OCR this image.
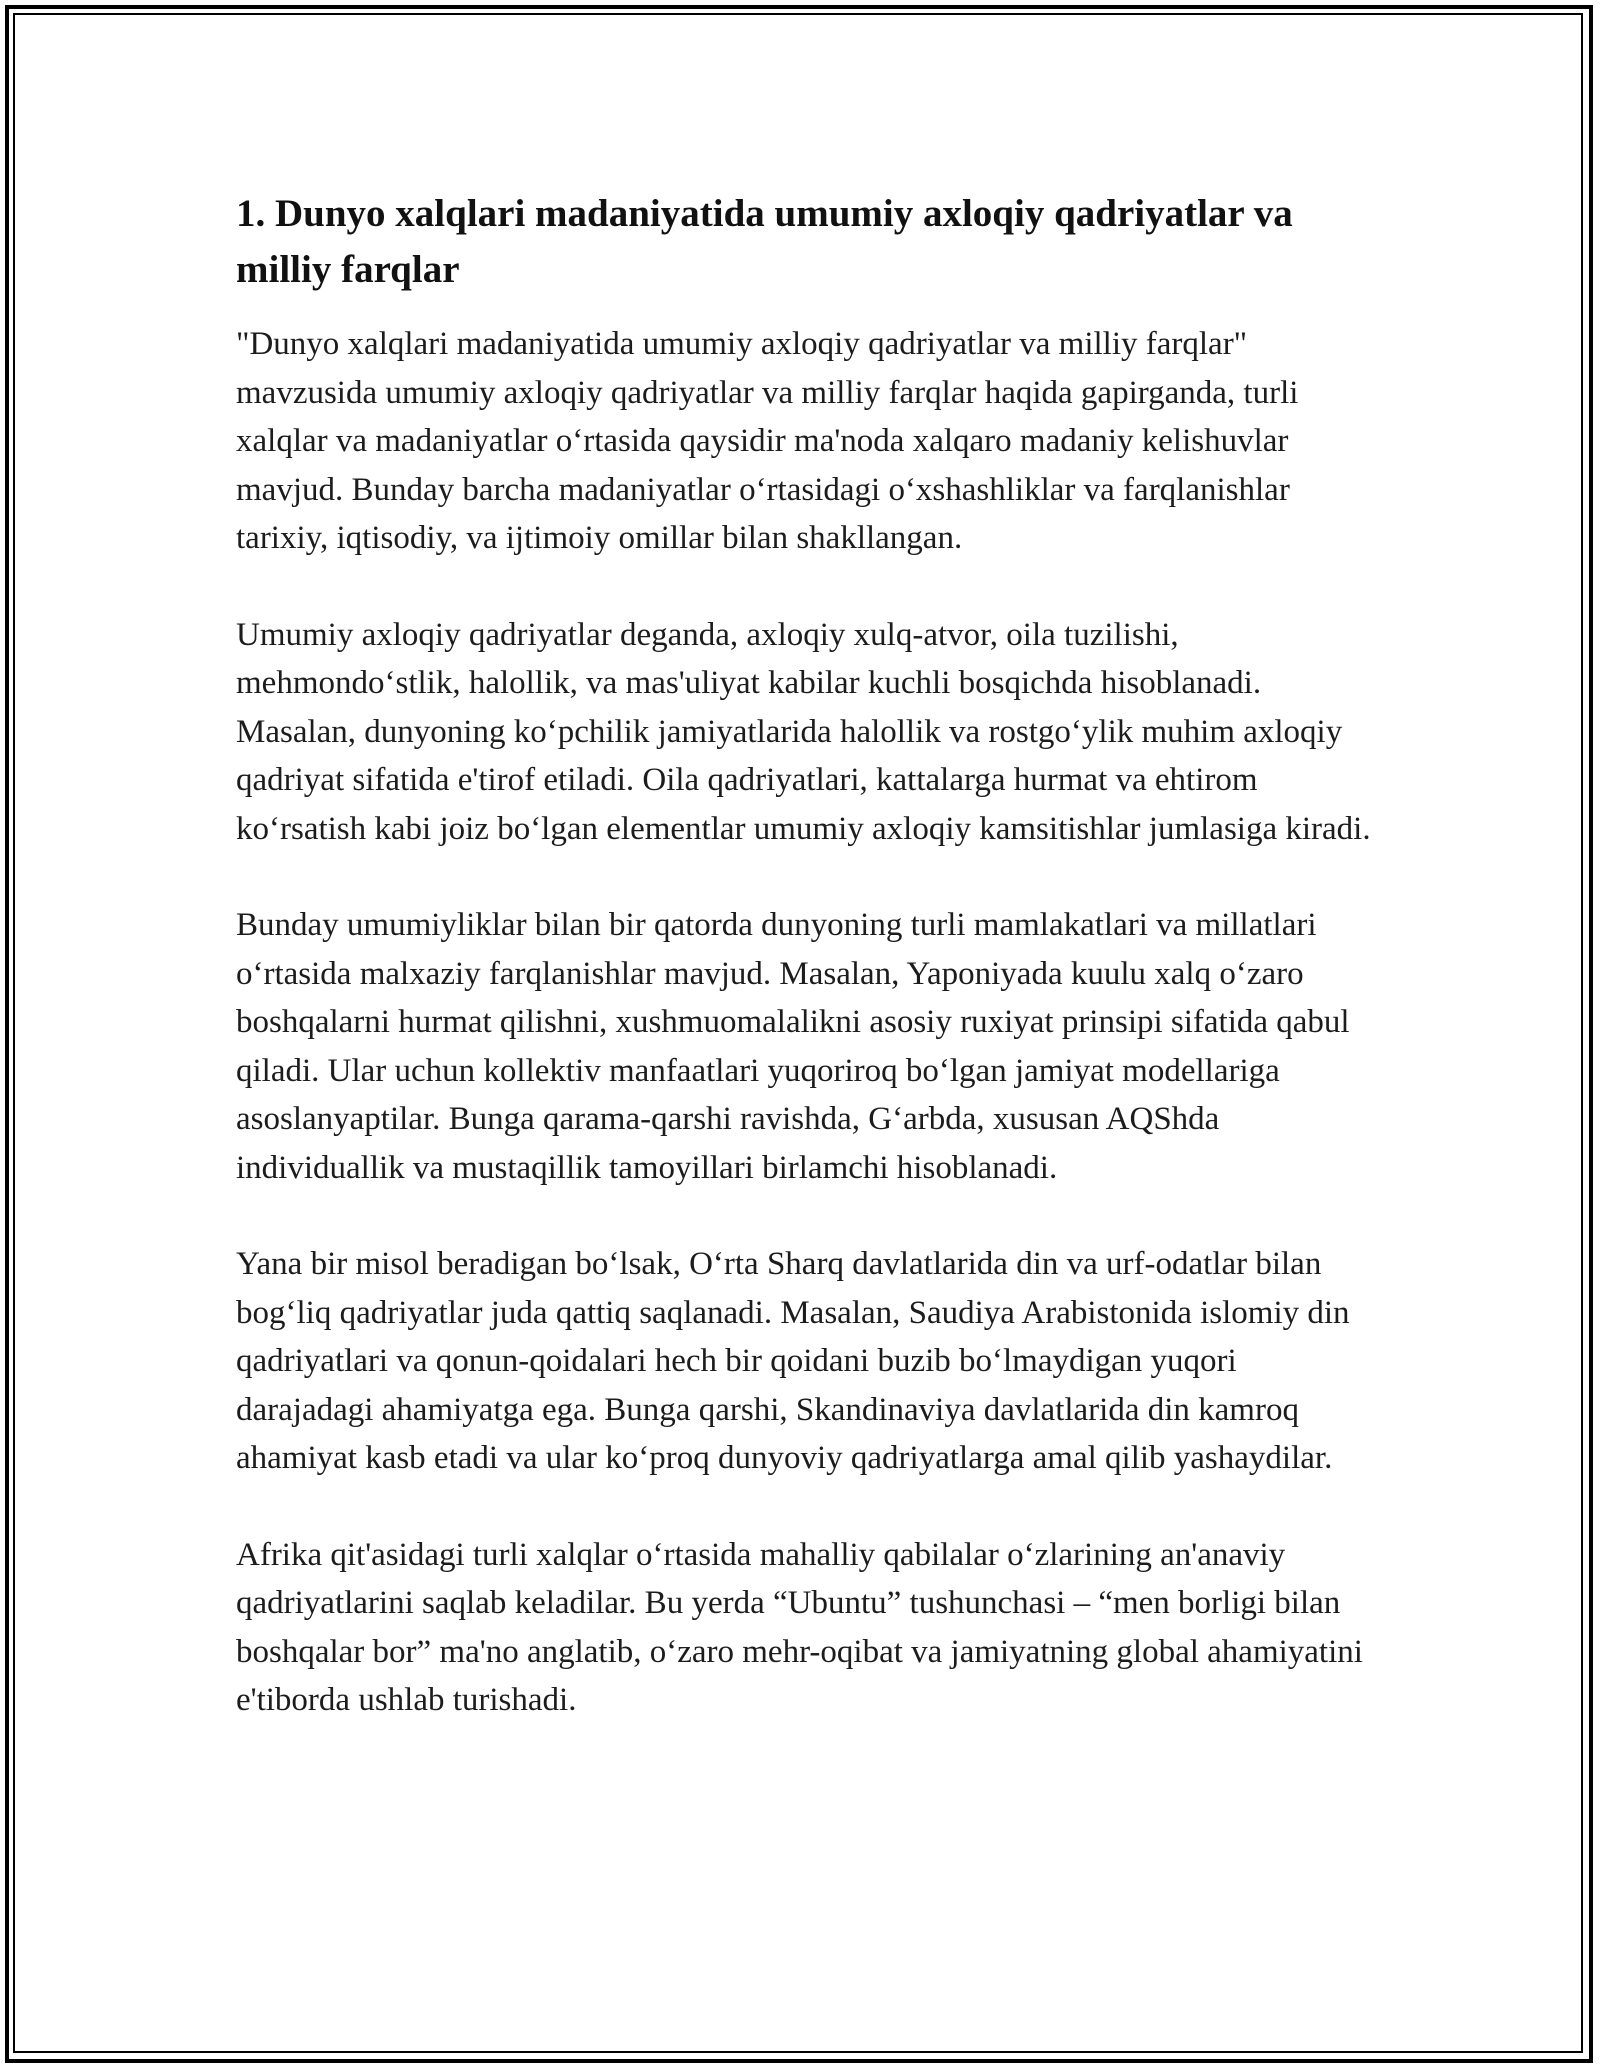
1. Dunyo xalqlari madaniyatida umumiy axloqiy qadriyatlar va milliy farqlar

"Dunyo xalqlari madaniyatida umumiy axloqiy qadriyatlar va milliy farqlar" mavzusida umumiy axloqiy qadriyatlar va milliy farqlar haqida gapirganda, turli xalqlar va madaniyatlar o‘rtasida qaysidir ma'noda xalqaro madaniy kelishuvlar mavjud. Bunday barcha madaniyatlar o‘rtasidagi o‘xshashliklar va farqlanishlar tarixiy, iqtisodiy, va ijtimoiy omillar bilan shakllangan.

Umumiy axloqiy qadriyatlar deganda, axloqiy xulq-atvor, oila tuzilishi, mehmondo‘stlik, halollik, va mas'uliyat kabilar kuchli bosqichda hisoblanadi. Masalan, dunyoning ko‘pchilik jamiyatlarida halollik va rostgo‘ylik muhim axloqiy qadriyat sifatida e'tirof etiladi. Oila qadriyatlari, kattalarga hurmat va ehtirom ko‘rsatish kabi joiz bo‘lgan elementlar umumiy axloqiy kamsitishlar jumlasiga kiradi.

Bunday umumiyliklar bilan bir qatorda dunyoning turli mamlakatlari va millatlari o‘rtasida malxaziy farqlanishlar mavjud. Masalan, Yaponiyada kuulu xalq o‘zaro boshqalarni hurmat qilishni, xushmuomalalikni asosiy ruxiyat prinsipi sifatida qabul qiladi. Ular uchun kollektiv manfaatlari yuqoriroq bo‘lgan jamiyat modellariga asoslanyaptilar. Bunga qarama-qarshi ravishda, G‘arbda, xususan AQShda individuallik va mustaqillik tamoyillari birlamchi hisoblanadi.

Yana bir misol beradigan bo‘lsak, O‘rta Sharq davlatlarida din va urf-odatlar bilan bog‘liq qadriyatlar juda qattiq saqlanadi. Masalan, Saudiya Arabistonida islomiy din qadriyatlari va qonun-qoidalari hech bir qoidani buzib bo‘lmaydigan yuqori darajadagi ahamiyatga ega. Bunga qarshi, Skandinaviya davlatlarida din kamroq ahamiyat kasb etadi va ular ko‘proq dunyoviy qadriyatlarga amal qilib yashaydilar.

Afrika qit'asidagi turli xalqlar o‘rtasida mahalliy qabilalar o‘zlarining an'anaviy qadriyatlarini saqlab keladilar. Bu yerda “Ubuntu” tushunchasi – “men borligi bilan boshqalar bor” ma'no anglatib, o‘zaro mehr-oqibat va jamiyatning global ahamiyatini e'tiborda ushlab turishadi.
